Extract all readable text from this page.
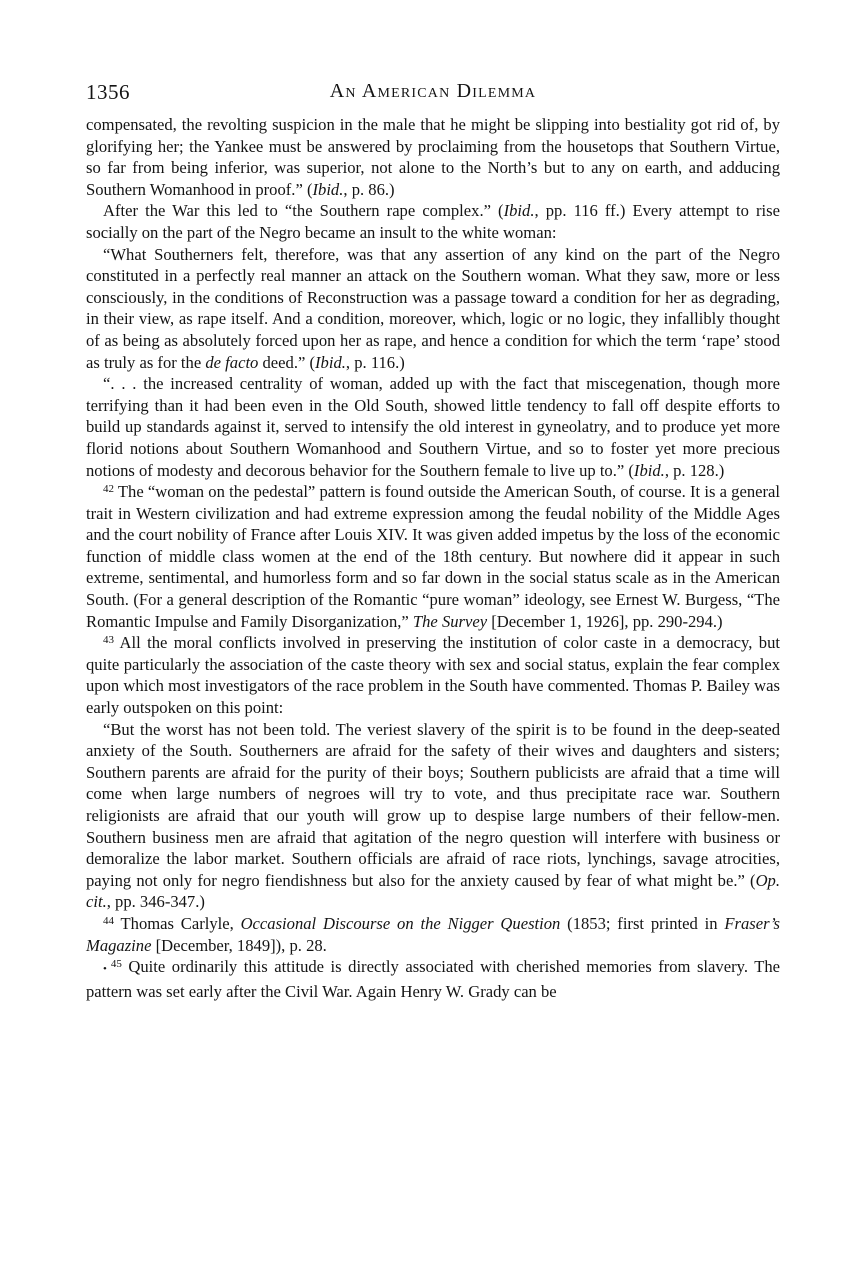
1356	An American Dilemma

compensated, the revolting suspicion in the male that he might be slipping into bestiality got rid of, by glorifying her; the Yankee must be answered by proclaiming from the housetops that Southern Virtue, so far from being inferior, was superior, not alone to the North’s but to any on earth, and adducing Southern Womanhood in proof.” (Ibid., p. 86.)

After the War this led to “the Southern rape complex.” (Ibid., pp. 116 ff.) Every attempt to rise socially on the part of the Negro became an insult to the white woman:

“What Southerners felt, therefore, was that any assertion of any kind on the part of the Negro constituted in a perfectly real manner an attack on the Southern woman. What they saw, more or less consciously, in the conditions of Reconstruction was a passage toward a condition for her as degrading, in their view, as rape itself. And a condition, moreover, which, logic or no logic, they infallibly thought of as being as absolutely forced upon her as rape, and hence a condition for which the term ‘rape’ stood as truly as for the de facto deed.” (Ibid., p. 116.)

“. . . the increased centrality of woman, added up with the fact that miscegenation, though more terrifying than it had been even in the Old South, showed little tendency to fall off despite efforts to build up standards against it, served to intensify the old interest in gyneolatry, and to produce yet more florid notions about Southern Womanhood and Southern Virtue, and so to foster yet more precious notions of modesty and decorous behavior for the Southern female to live up to.” (Ibid., p. 128.)

$^{42}$ The “woman on the pedestal” pattern is found outside the American South, of course. It is a general trait in Western civilization and had extreme expression among the feudal nobility of the Middle Ages and the court nobility of France after Louis XIV. It was given added impetus by the loss of the economic function of middle class women at the end of the 18th century. But nowhere did it appear in such extreme, sentimental, and humorless form and so far down in the social status scale as in the American South. (For a general description of the Romantic “pure woman” ideology, see Ernest W. Burgess, “The Romantic Impulse and Family Disorganization,” The Survey [December 1, 1926], pp. 290-294.)

$^{43}$ All the moral conflicts involved in preserving the institution of color caste in a democracy, but quite particularly the association of the caste theory with sex and social status, explain the fear complex upon which most investigators of the race problem in the South have commented. Thomas P. Bailey was early outspoken on this point:

“But the worst has not been told. The veriest slavery of the spirit is to be found in the deep-seated anxiety of the South. Southerners are afraid for the safety of their wives and daughters and sisters; Southern parents are afraid for the purity of their boys; Southern publicists are afraid that a time will come when large numbers of negroes will try to vote, and thus precipitate race war. Southern religionists are afraid that our youth will grow up to despise large numbers of their fellow-men. Southern business men are afraid that agitation of the negro question will interfere with business or demoralize the labor market. Southern officials are afraid of race riots, lynchings, savage atrocities, paying not only for negro fiendishness but also for the anxiety caused by fear of what might be.” (Op. cit., pp. 346-347.)

$^{44}$ Thomas Carlyle, Occasional Discourse on the Nigger Question (1853; first printed in Fraser’s Magazine [December, 1849]), p. 28.

• $^{45}$ Quite ordinarily this attitude is directly associated with cherished memories from slavery. The pattern was set early after the Civil War. Again Henry W. Grady can be
